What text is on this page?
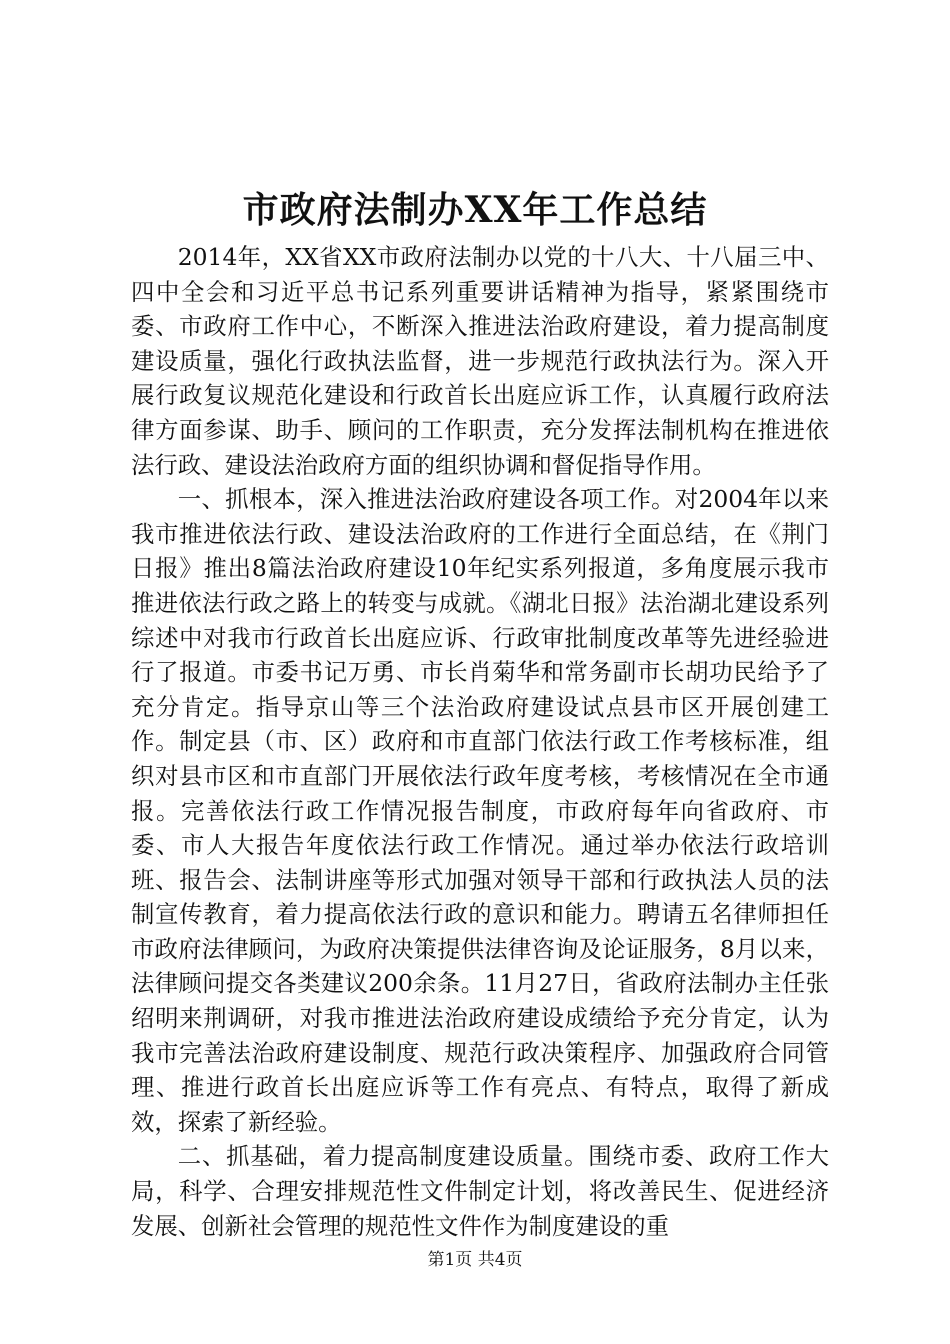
市政府法制办XX年工作总结

2014年，XX省XX市政府法制办以党的十八大、十八届三中、四中全会和习近平总书记系列重要讲话精神为指导，紧紧围绕市委、市政府工作中心，不断深入推进法治政府建设，着力提高制度建设质量，强化行政执法监督，进一步规范行政执法行为。深入开展行政复议规范化建设和行政首长出庭应诉工作，认真履行政府法律方面参谋、助手、顾问的工作职责，充分发挥法制机构在推进依法行政、建设法治政府方面的组织协调和督促指导作用。

一、抓根本，深入推进法治政府建设各项工作。对2004年以来我市推进依法行政、建设法治政府的工作进行全面总结，在《荆门日报》推出8篇法治政府建设10年纪实系列报道，多角度展示我市推进依法行政之路上的转变与成就。《湖北日报》法治湖北建设系列综述中对我市行政首长出庭应诉、行政审批制度改革等先进经验进行了报道。市委书记万勇、市长肖菊华和常务副市长胡功民给予了充分肯定。指导京山等三个法治政府建设试点县市区开展创建工作。制定县（市、区）政府和市直部门依法行政工作考核标准，组织对县市区和市直部门开展依法行政年度考核，考核情况在全市通报。完善依法行政工作情况报告制度，市政府每年向省政府、市委、市人大报告年度依法行政工作情况。通过举办依法行政培训班、报告会、法制讲座等形式加强对领导干部和行政执法人员的法制宣传教育，着力提高依法行政的意识和能力。聘请五名律师担任市政府法律顾问，为政府决策提供法律咨询及论证服务，8月以来，法律顾问提交各类建议200余条。11月27日，省政府法制办主任张绍明来荆调研，对我市推进法治政府建设成绩给予充分肯定，认为我市完善法治政府建设制度、规范行政决策程序、加强政府合同管理、推进行政首长出庭应诉等工作有亮点、有特点，取得了新成效，探索了新经验。

二、抓基础，着力提高制度建设质量。围绕市委、政府工作大局，科学、合理安排规范性文件制定计划，将改善民生、促进经济发展、创新社会管理的规范性文件作为制度建设的重

第1页 共4页
